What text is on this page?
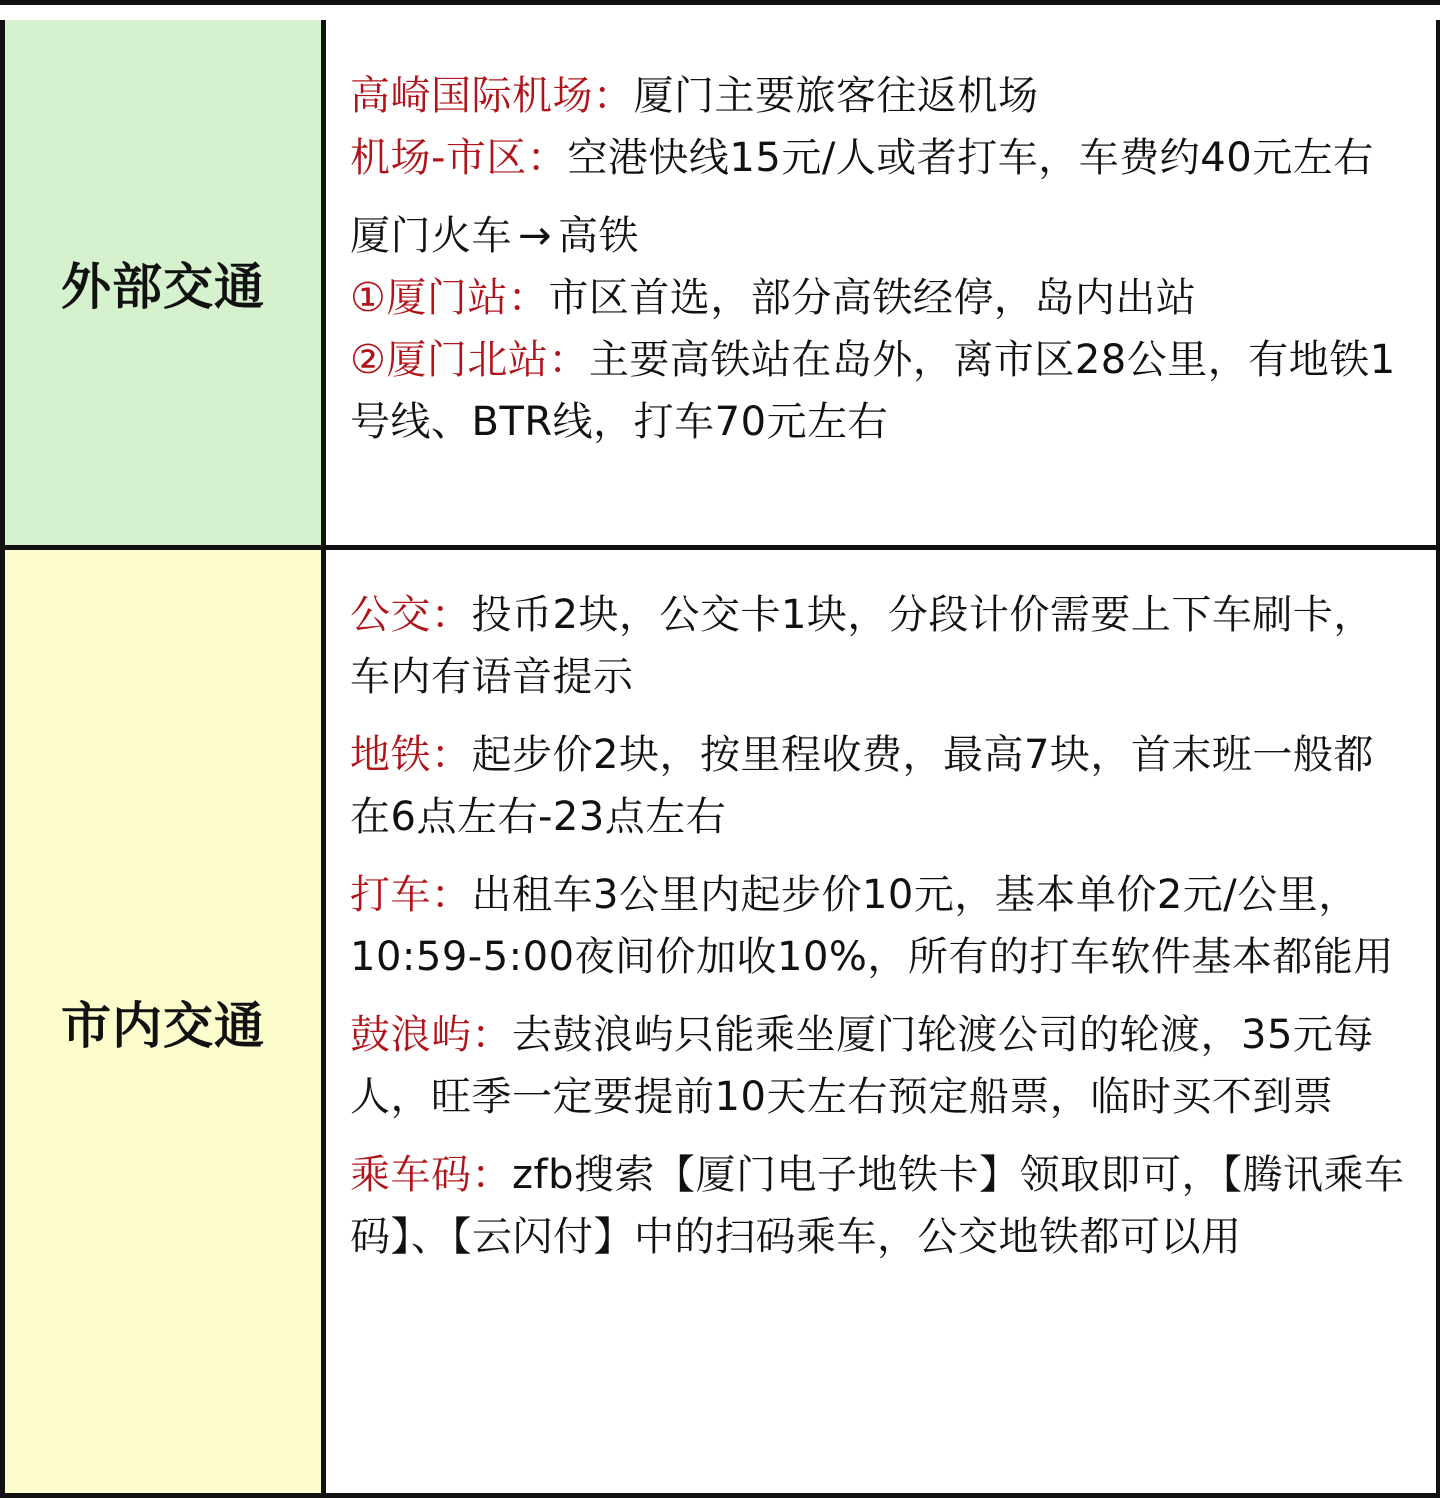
外部交通
高崎国际机场：厦门主要旅客往返机场
机场-市区：空港快线15元/人或者打车，车费约40元左右
厦门火车 → 高铁
①厦门站：市区首选，部分高铁经停，岛内出站
②厦门北站：主要高铁站在岛外，离市区28公里，有地铁1号线、BTR线，打车70元左右
市内交通
公交：投币2块，公交卡1块，分段计价需要上下车刷卡，车内有语音提示
地铁：起步价2块，按里程收费，最高7块，首末班一般都在6点左右-23点左右
打车：出租车3公里内起步价10元，基本单价2元/公里，10:59-5:00夜间价加收10%，所有的打车软件基本都能用
鼓浪屿：去鼓浪屿只能乘坐厦门轮渡公司的轮渡，35元每人，旺季一定要提前10天左右预定船票，临时买不到票
乘车码：zfb搜索【厦门电子地铁卡】领取即可，【腾讯乘车码】、【云闪付】中的扫码乘车，公交地铁都可以用
